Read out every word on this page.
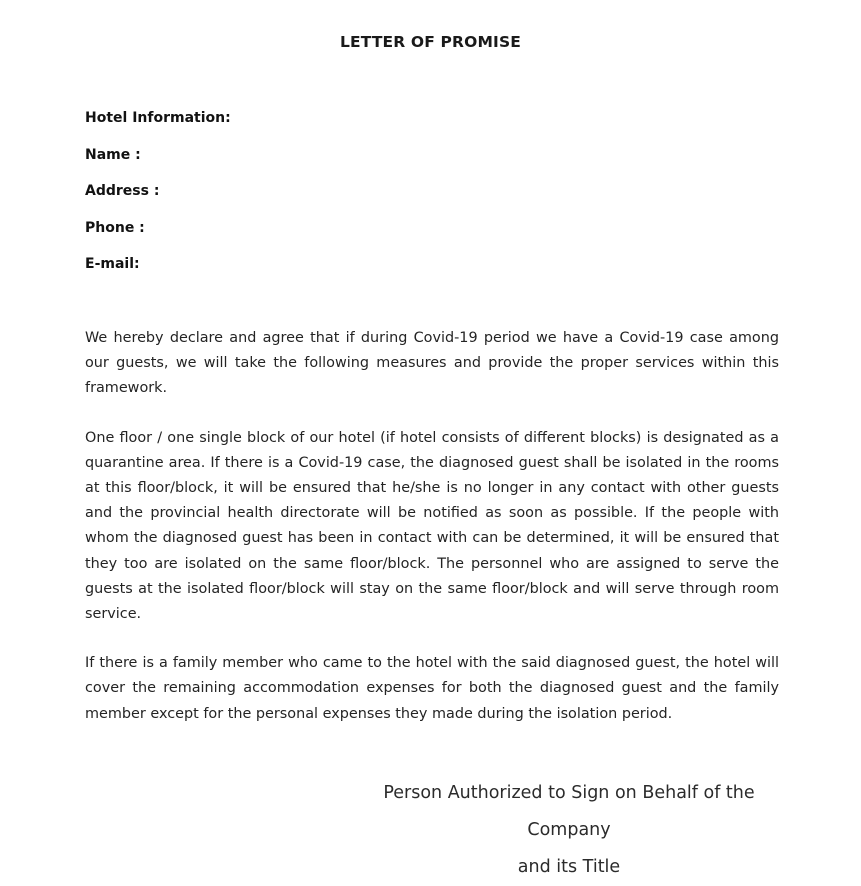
LETTER OF PROMISE
Hotel Information:
Name :
Address :
Phone :
E-mail:

We hereby declare and agree that if during Covid-19 period we have a Covid-19 case among our guests, we will take the following measures and provide the proper services within this framework.

One floor / one single block of our hotel (if hotel consists of different blocks) is designated as a quarantine area. If there is a Covid-19 case, the diagnosed guest shall be isolated in the rooms at this floor/block, it will be ensured that he/she is no longer in any contact with other guests and the provincial health directorate will be notified as soon as possible. If the people with whom the diagnosed guest has been in contact with can be determined, it will be ensured that they too are isolated on the same floor/block. The personnel who are assigned to serve the guests at the isolated floor/block will stay on the same floor/block and will serve through room service.

If there is a family member who came to the hotel with the said diagnosed guest, the hotel will cover the remaining accommodation expenses for both the diagnosed guest and the family member except for the personal expenses they made during the isolation period.

Person Authorized to Sign on Behalf of the Company
and its Title
